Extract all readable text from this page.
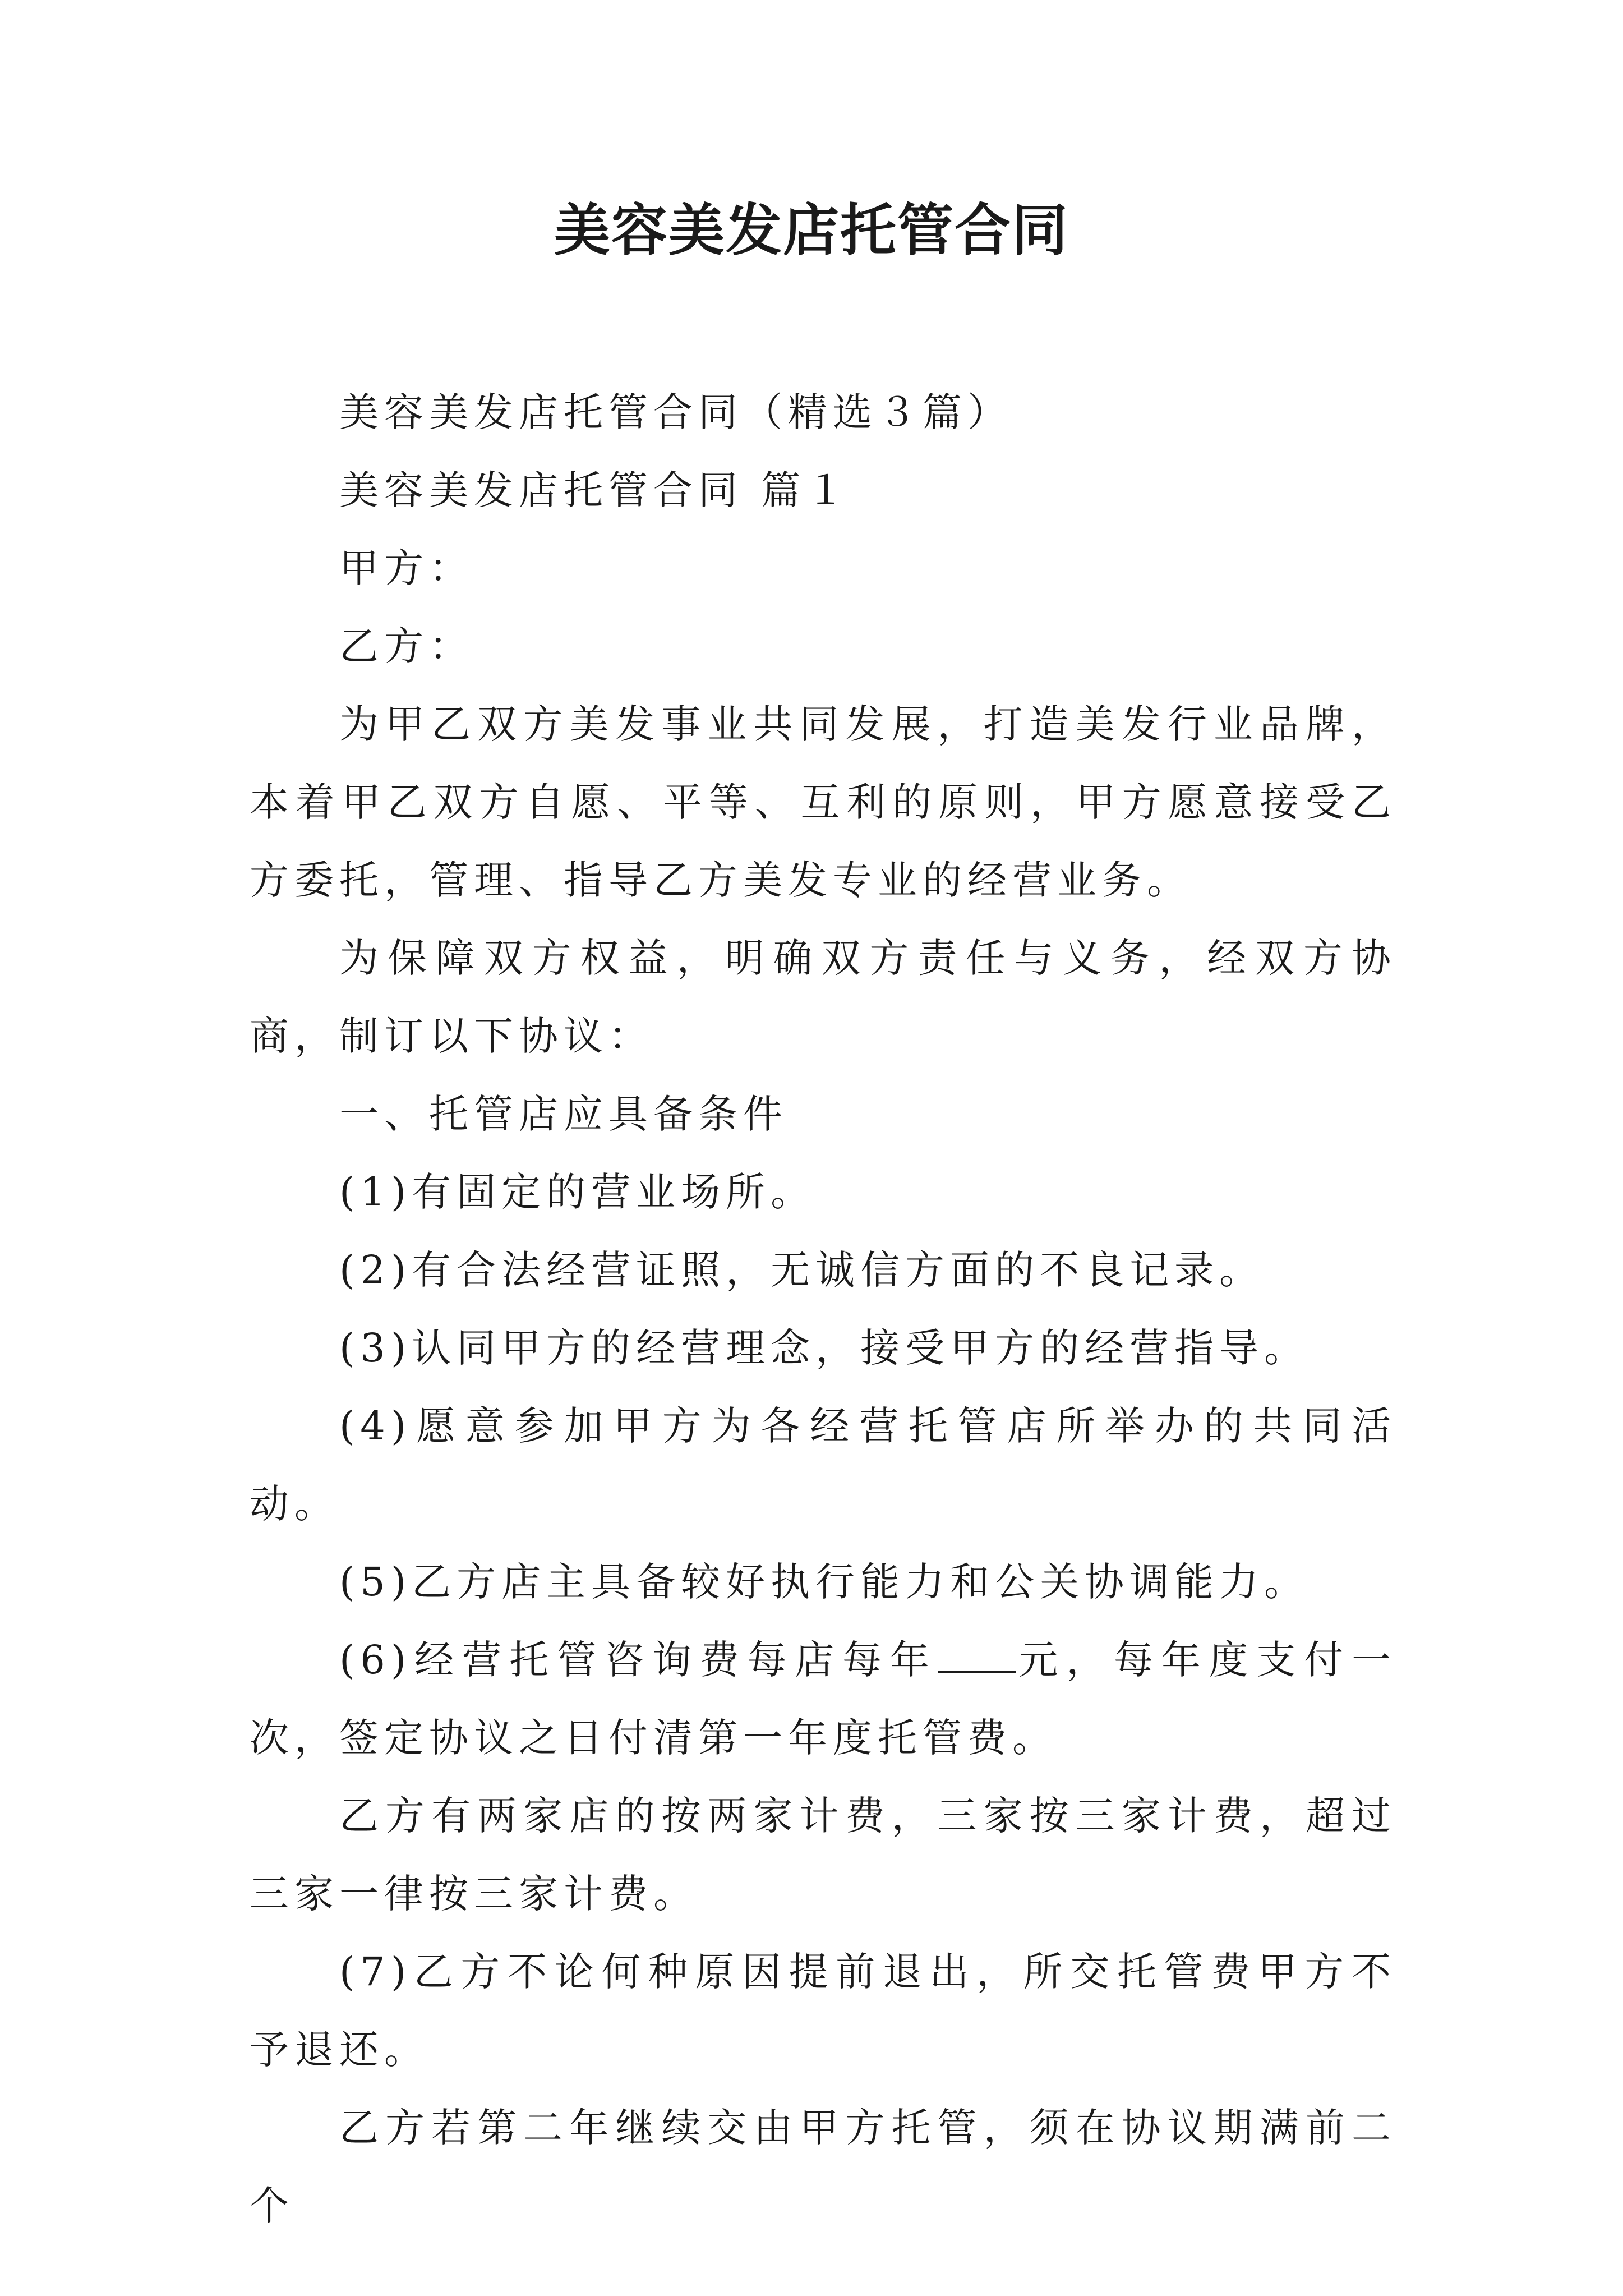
美容美发店托管合同

美容美发店托管合同（精选３篇）

美容美发店托管合同 篇１

甲方：

乙方：

为甲乙双方美发事业共同发展，打造美发行业品牌，本着甲乙双方自愿、平等、互利的原则，甲方愿意接受乙方委托，管理、指导乙方美发专业的经营业务。

为保障双方权益，明确双方责任与义务，经双方协商，制订以下协议：

一、托管店应具备条件

(1)有固定的营业场所。

(2)有合法经营证照，无诚信方面的不良记录。

(3)认同甲方的经营理念，接受甲方的经营指导。

(4)愿意参加甲方为各经营托管店所举办的共同活动。

(5)乙方店主具备较好执行能力和公关协调能力。

(6)经营托管咨询费每店每年 元，每年度支付一次，签定协议之日付清第一年度托管费。

乙方有两家店的按两家计费，三家按三家计费，超过三家一律按三家计费。

(7)乙方不论何种原因提前退出，所交托管费甲方不予退还。

乙方若第二年继续交由甲方托管，须在协议期满前二个
